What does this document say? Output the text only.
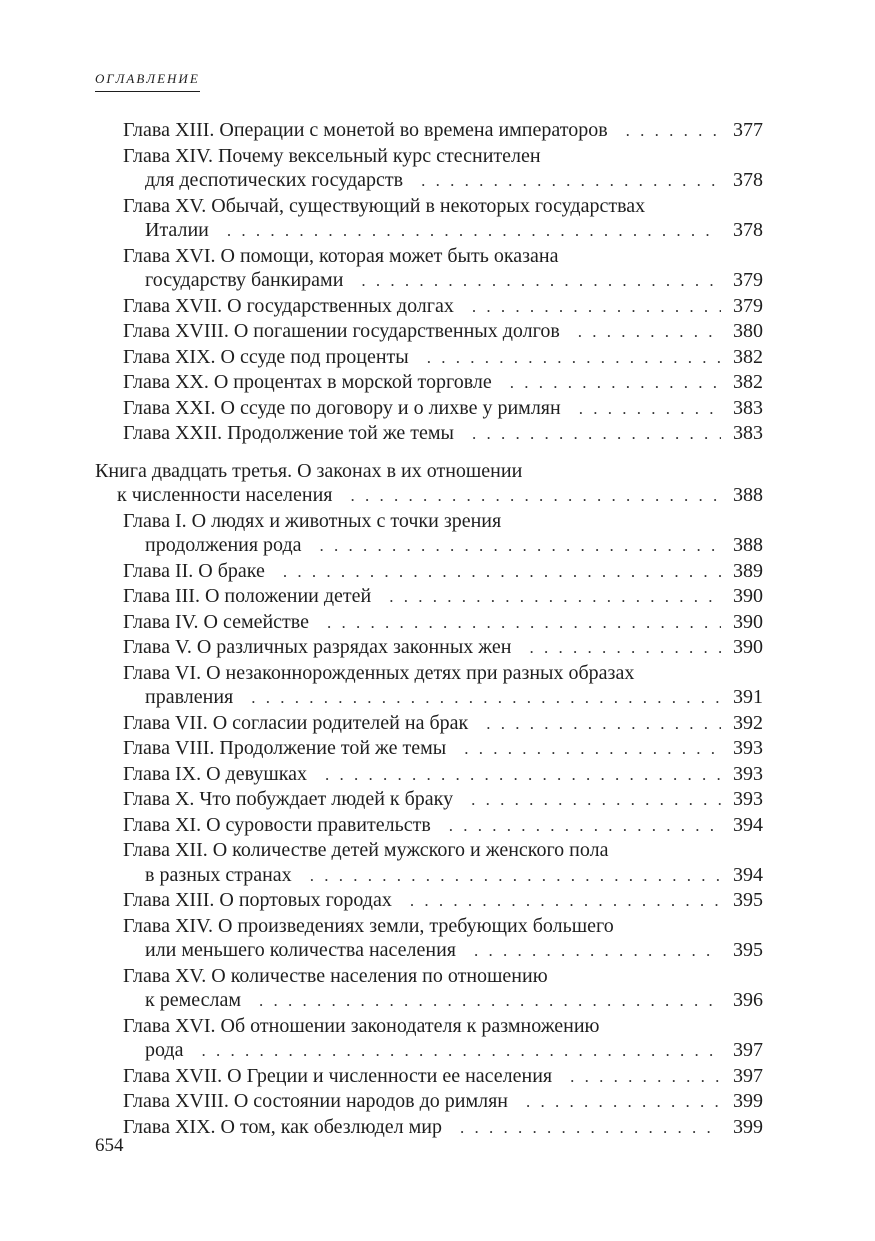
ОГЛАВЛЕНИЕ
Глава XIII. Операции с монетой во времена императоров . . .	377
Глава XIV. Почему вексельный курс стеснителен
для деспотических государств . . .	378
Глава XV. Обычай, существующий в некоторых государствах
Италии . . .	378
Глава XVI. О помощи, которая может быть оказана
государству банкирами . . .	379
Глава XVII. О государственных долгах . . .	379
Глава XVIII. О погашении государственных долгов . . .	380
Глава XIX. О ссуде под проценты . . .	382
Глава XX. О процентах в морской торговле . . .	382
Глава XXI. О ссуде по договору и о лихве у римлян . . .	383
Глава XXII. Продолжение той же темы . . .	383
Книга двадцать третья. О законах в их отношении
к численности населения . . .	388
Глава I. О людях и животных с точки зрения
продолжения рода . . .	388
Глава II. О браке . . .	389
Глава III. О положении детей . . .	390
Глава IV. О семействе . . .	390
Глава V. О различных разрядах законных жен . . .	390
Глава VI. О незаконнорожденных детях при разных образах
правления . . .	391
Глава VII. О согласии родителей на брак . . .	392
Глава VIII. Продолжение той же темы . . .	393
Глава IX. О девушках . . .	393
Глава X. Что побуждает людей к браку . . .	393
Глава XI. О суровости правительств . . .	394
Глава XII. О количестве детей мужского и женского пола
в разных странах . . .	394
Глава XIII. О портовых городах . . .	395
Глава XIV. О произведениях земли, требующих большего
или меньшего количества населения . . .	395
Глава XV. О количестве населения по отношению
к ремеслам . . .	396
Глава XVI. Об отношении законодателя к размножению
рода . . .	397
Глава XVII. О Греции и численности ее населения . . .	397
Глава XVIII. О состоянии народов до римлян . . .	399
Глава XIX. О том, как обезлюдел мир . . .	399
654
